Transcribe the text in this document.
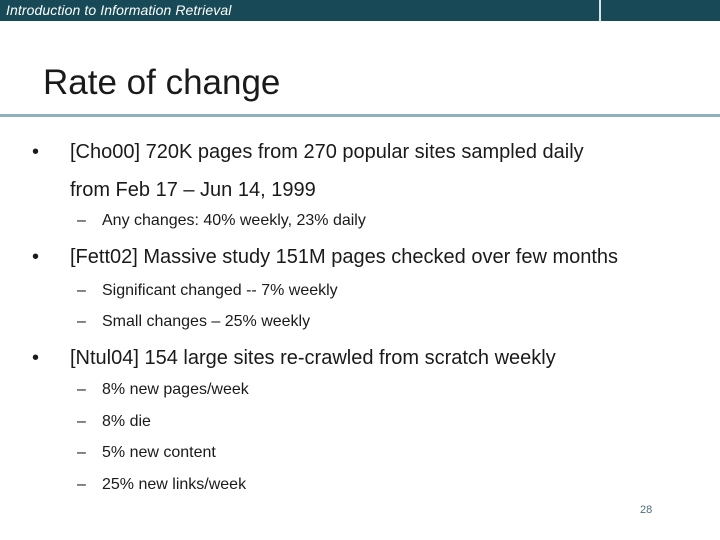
Introduction to Information Retrieval
Rate of change
• [Cho00] 720K pages from 270 popular sites sampled daily
from Feb 17 – Jun 14, 1999
– Any changes: 40% weekly, 23% daily
• [Fett02] Massive study 151M pages checked over few months
– Significant changed -- 7% weekly
– Small changes – 25% weekly
• [Ntul04] 154 large sites re-crawled from scratch weekly
– 8% new pages/week
– 8% die
– 5% new content
– 25% new links/week
28
